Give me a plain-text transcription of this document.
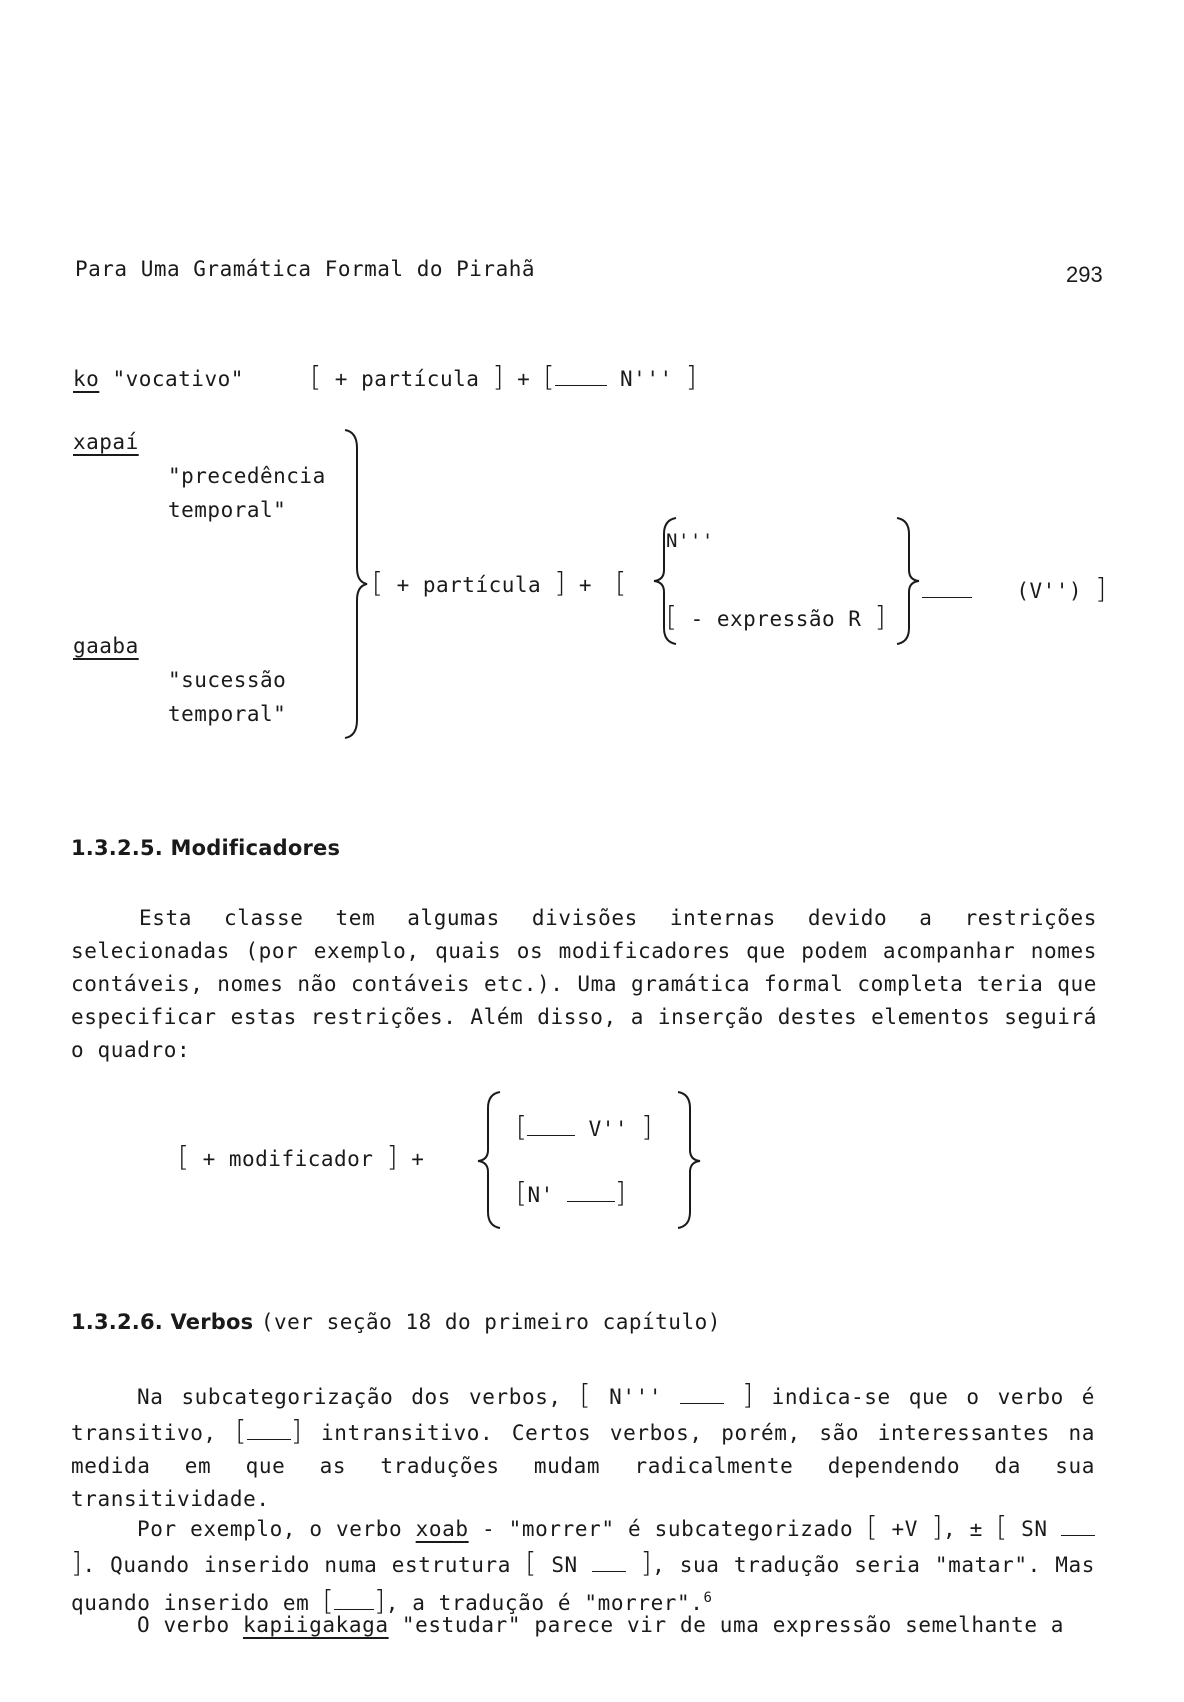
Para Uma Gramática Formal do Pirahã	293
ko "vocativo" [ + partícula ] + [	N''' ]
xapaí
"precedência
temporal"
gaaba
"sucessão
temporal"
[ + partícula ] + [
N'''
[ - expressão R ]
(V'') ]
1.3.2.5. Modificadores
Esta classe tem algumas divisões internas devido a restrições selecionadas (por exemplo, quais os modificadores que podem acompanhar nomes contáveis, nomes não contáveis etc.). Uma gramática formal completa teria que especificar estas restrições. Além disso, a inserção destes elementos seguirá o quadro:
[ + modificador ] +
[	V'' ]
[N' ]
1.3.2.6. Verbos (ver seção 18 do primeiro capítulo)
Na subcategorização dos verbos, [ N'''	] indica-se que o verbo é transitivo, [ ] intransitivo. Certos verbos, porém, são interessantes na medida em que as traduções mudam radicalmente dependendo da sua transitividade.
Por exemplo, o verbo xoab - "morrer" é subcategorizado [ +V ], ± [ SN  ]. Quando inserido numa estrutura [ SN ], sua tradução seria "matar". Mas quando inserido em [ ], a tradução é "morrer".$^6$
O verbo kapiigakaga "estudar" parece vir de uma expressão semelhante a
